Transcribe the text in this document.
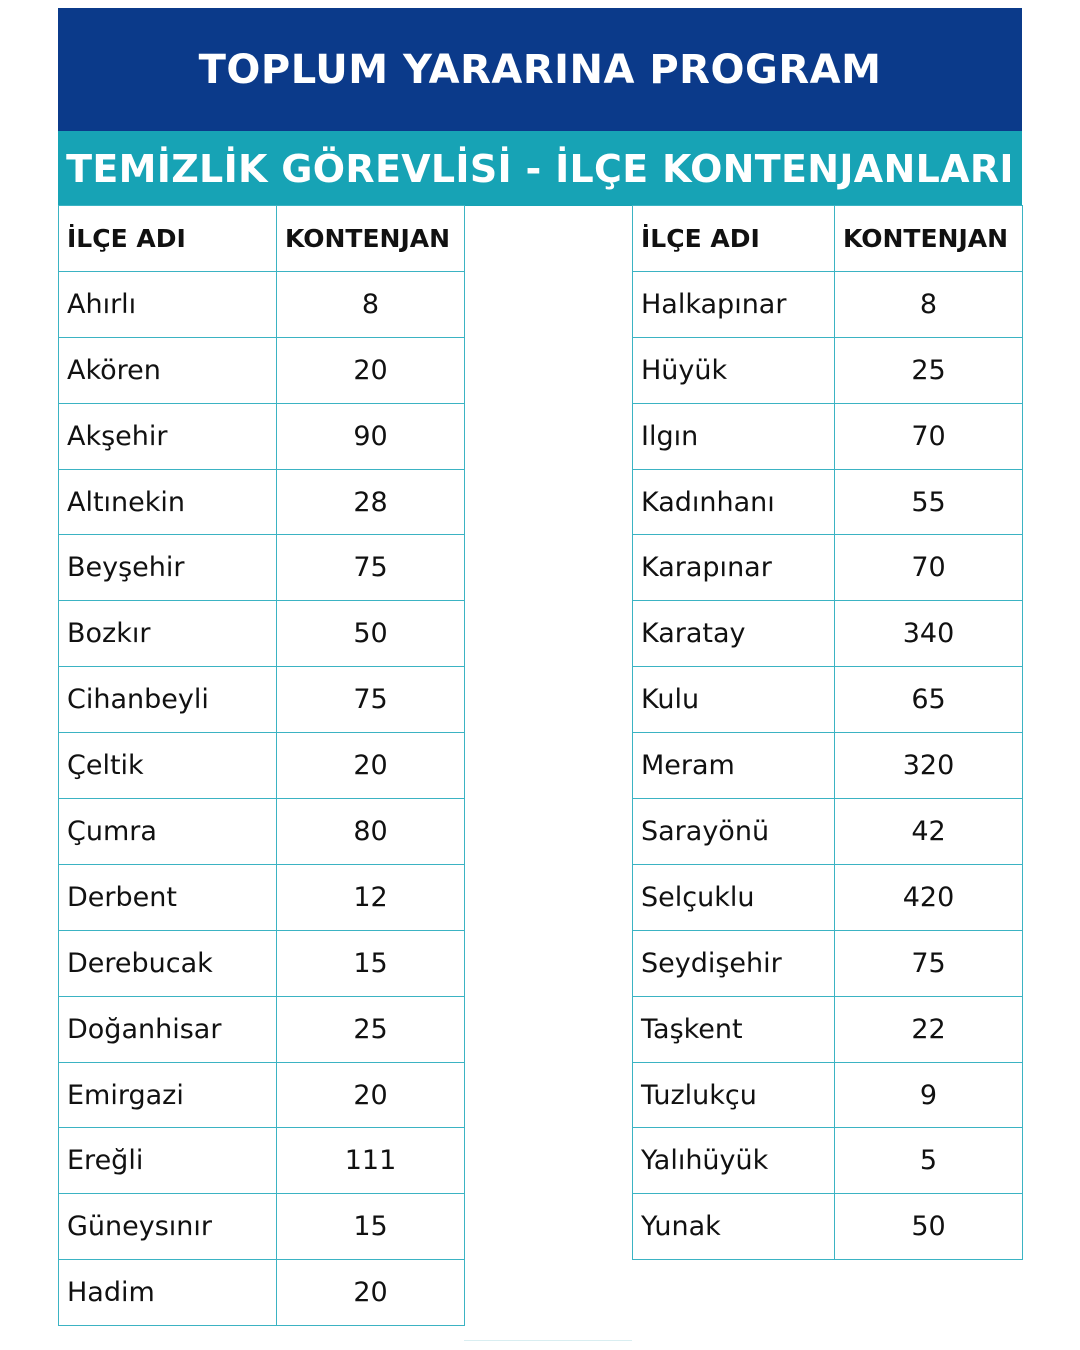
TOPLUM YARARINA PROGRAM
TEMİZLİK GÖREVLİSİ - İLÇE KONTENJANLARI
İLÇE ADI	KONTENJAN
Ahırlı	8
Akören	20
Akşehir	90
Altınekin	28
Beyşehir	75
Bozkır	50
Cihanbeyli	75
Çeltik	20
Çumra	80
Derbent	12
Derebucak	15
Doğanhisar	25
Emirgazi	20
Ereğli	111
Güneysınır	15
Hadim	20
İLÇE ADI	KONTENJAN
Halkapınar	8
Hüyük	25
Ilgın	70
Kadınhanı	55
Karapınar	70
Karatay	340
Kulu	65
Meram	320
Sarayönü	42
Selçuklu	420
Seydişehir	75
Taşkent	22
Tuzlukçu	9
Yalıhüyük	5
Yunak	50
